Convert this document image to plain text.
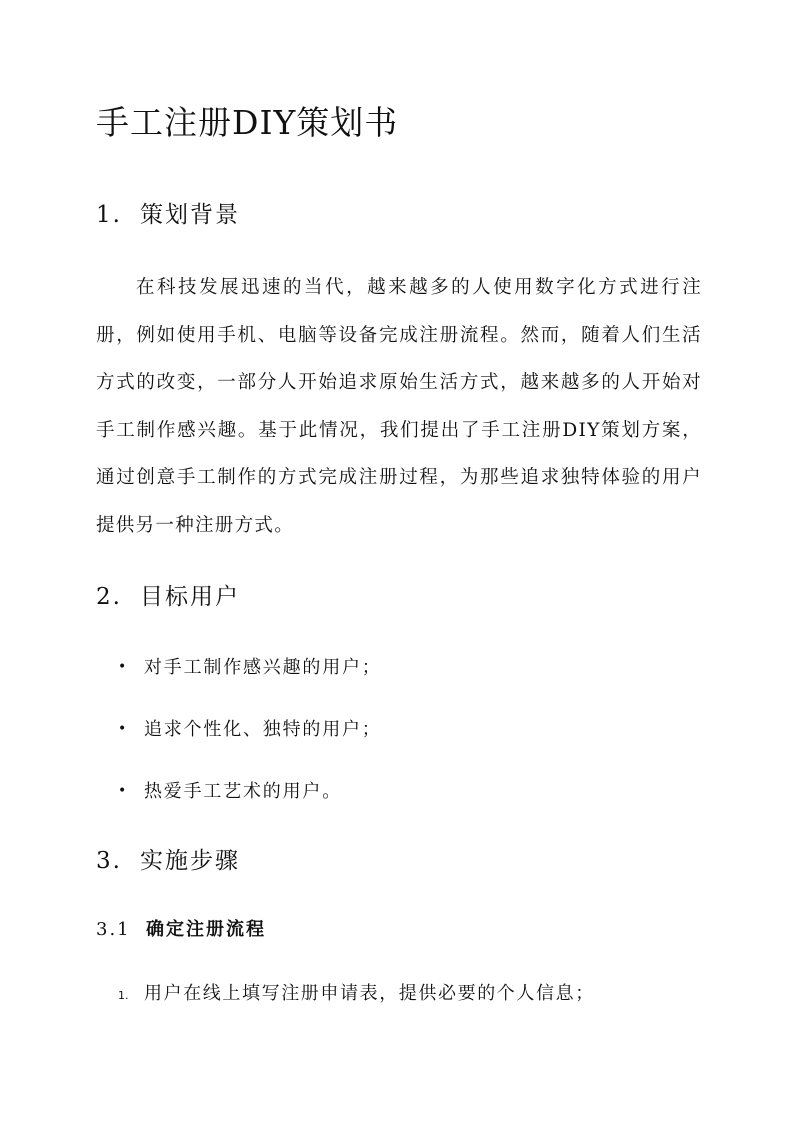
手工注册DIY策划书
1. 策划背景

在科技发展迅速的当代，越来越多的人使用数字化方式进行注册，例如使用手机、电脑等设备完成注册流程。然而，随着人们生活方式的改变，一部分人开始追求原始生活方式，越来越多的人开始对手工制作感兴趣。基于此情况，我们提出了手工注册DIY策划方案，通过创意手工制作的方式完成注册过程，为那些追求独特体验的用户提供另一种注册方式。

2. 目标用户
• 对手工制作感兴趣的用户；
• 追求个性化、独特的用户；
• 热爱手工艺术的用户。
3. 实施步骤
3.1 确定注册流程
1. 用户在线上填写注册申请表，提供必要的个人信息；
